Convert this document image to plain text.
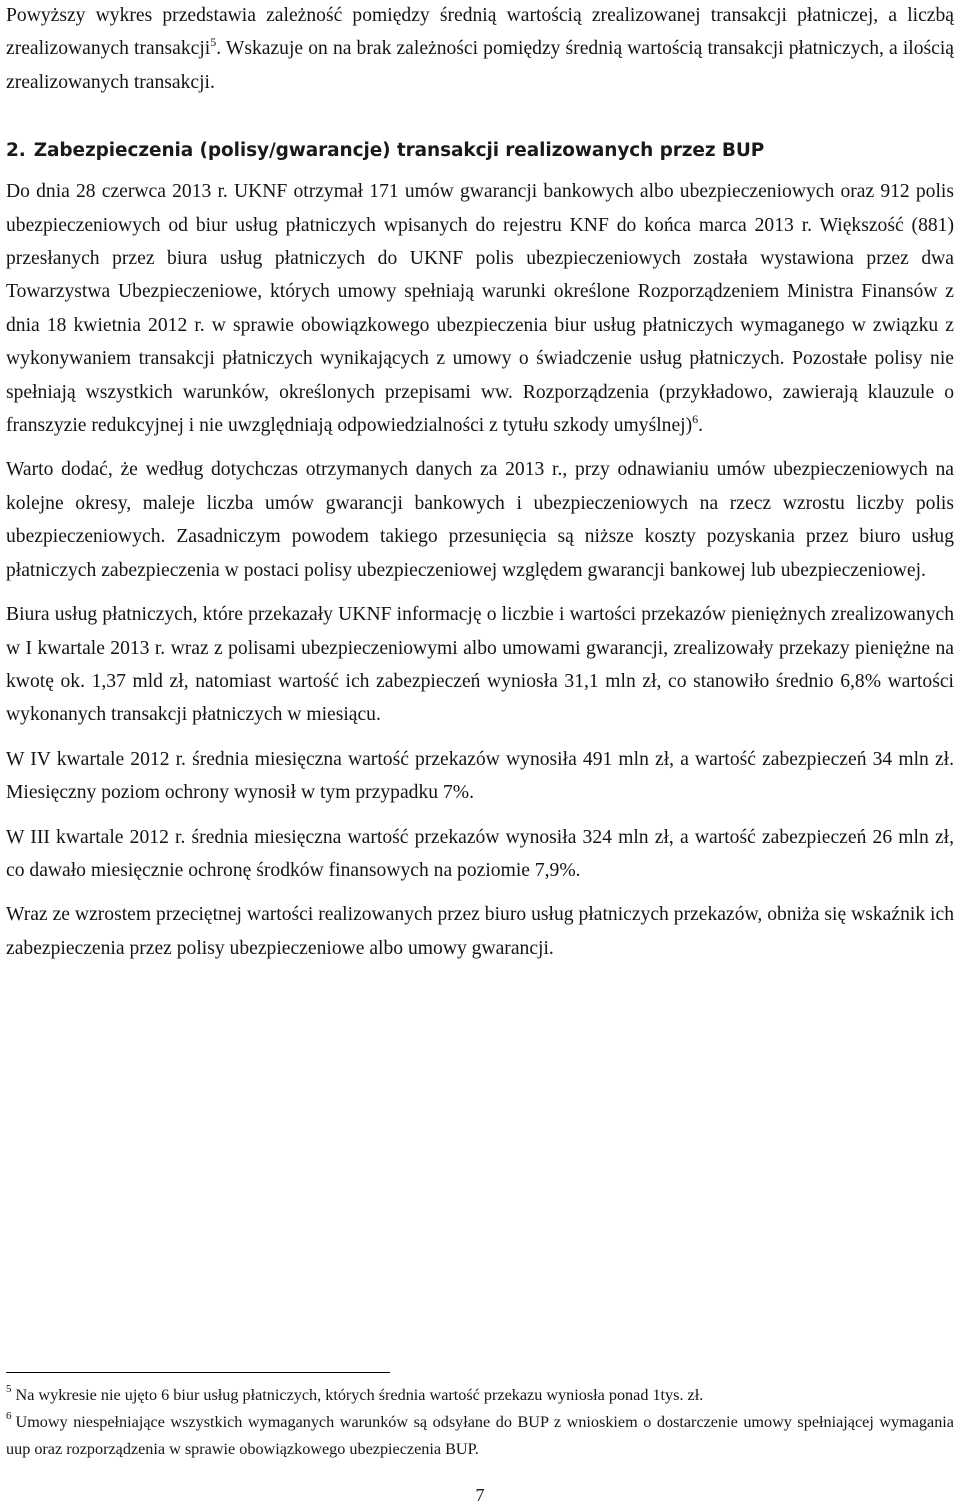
Powyższy wykres przedstawia zależność pomiędzy średnią wartością zrealizowanej transakcji płatniczej, a liczbą zrealizowanych transakcji$^5$. Wskazuje on na brak zależności pomiędzy średnią wartością transakcji płatniczych, a ilością zrealizowanych transakcji.

2. Zabezpieczenia (polisy/gwarancje) transakcji realizowanych przez BUP

Do dnia 28 czerwca 2013 r. UKNF otrzymał 171 umów gwarancji bankowych albo ubezpieczeniowych oraz 912 polis ubezpieczeniowych od biur usług płatniczych wpisanych do rejestru KNF do końca marca 2013 r. Większość (881) przesłanych przez biura usług płatniczych do UKNF polis ubezpieczeniowych została wystawiona przez dwa Towarzystwa Ubezpieczeniowe, których umowy spełniają warunki określone Rozporządzeniem Ministra Finansów z dnia 18 kwietnia 2012 r. w sprawie obowiązkowego ubezpieczenia biur usług płatniczych wymaganego w związku z wykonywaniem transakcji płatniczych wynikających z umowy o świadczenie usług płatniczych. Pozostałe polisy nie spełniają wszystkich warunków, określonych przepisami ww. Rozporządzenia (przykładowo, zawierają klauzule o franszyzie redukcyjnej i nie uwzględniają odpowiedzialności z tytułu szkody umyślnej)$^6$.

Warto dodać, że według dotychczas otrzymanych danych za 2013 r., przy odnawianiu umów ubezpieczeniowych na kolejne okresy, maleje liczba umów gwarancji bankowych i ubezpieczeniowych na rzecz wzrostu liczby polis ubezpieczeniowych. Zasadniczym powodem takiego przesunięcia są niższe koszty pozyskania przez biuro usług płatniczych zabezpieczenia w postaci polisy ubezpieczeniowej względem gwarancji bankowej lub ubezpieczeniowej.

Biura usług płatniczych, które przekazały UKNF informację o liczbie i wartości przekazów pieniężnych zrealizowanych w I kwartale 2013 r. wraz z polisami ubezpieczeniowymi albo umowami gwarancji, zrealizowały przekazy pieniężne na kwotę ok. 1,37 mld zł, natomiast wartość ich zabezpieczeń wyniosła 31,1 mln zł, co stanowiło średnio 6,8% wartości wykonanych transakcji płatniczych w miesiącu.

W IV kwartale 2012 r. średnia miesięczna wartość przekazów wynosiła 491 mln zł, a wartość zabezpieczeń 34 mln zł. Miesięczny poziom ochrony wynosił w tym przypadku 7%.

W III kwartale 2012 r. średnia miesięczna wartość przekazów wynosiła 324 mln zł, a wartość zabezpieczeń 26 mln zł, co dawało miesięcznie ochronę środków finansowych na poziomie 7,9%.

Wraz ze wzrostem przeciętnej wartości realizowanych przez biuro usług płatniczych przekazów, obniża się wskaźnik ich zabezpieczenia przez polisy ubezpieczeniowe albo umowy gwarancji.

$^5$ Na wykresie nie ujęto 6 biur usług płatniczych, których średnia wartość przekazu wyniosła ponad 1tys. zł.

$^6$ Umowy niespełniające wszystkich wymaganych warunków są odsyłane do BUP z wnioskiem o dostarczenie umowy spełniającej wymagania uup oraz rozporządzenia w sprawie obowiązkowego ubezpieczenia BUP.

7
